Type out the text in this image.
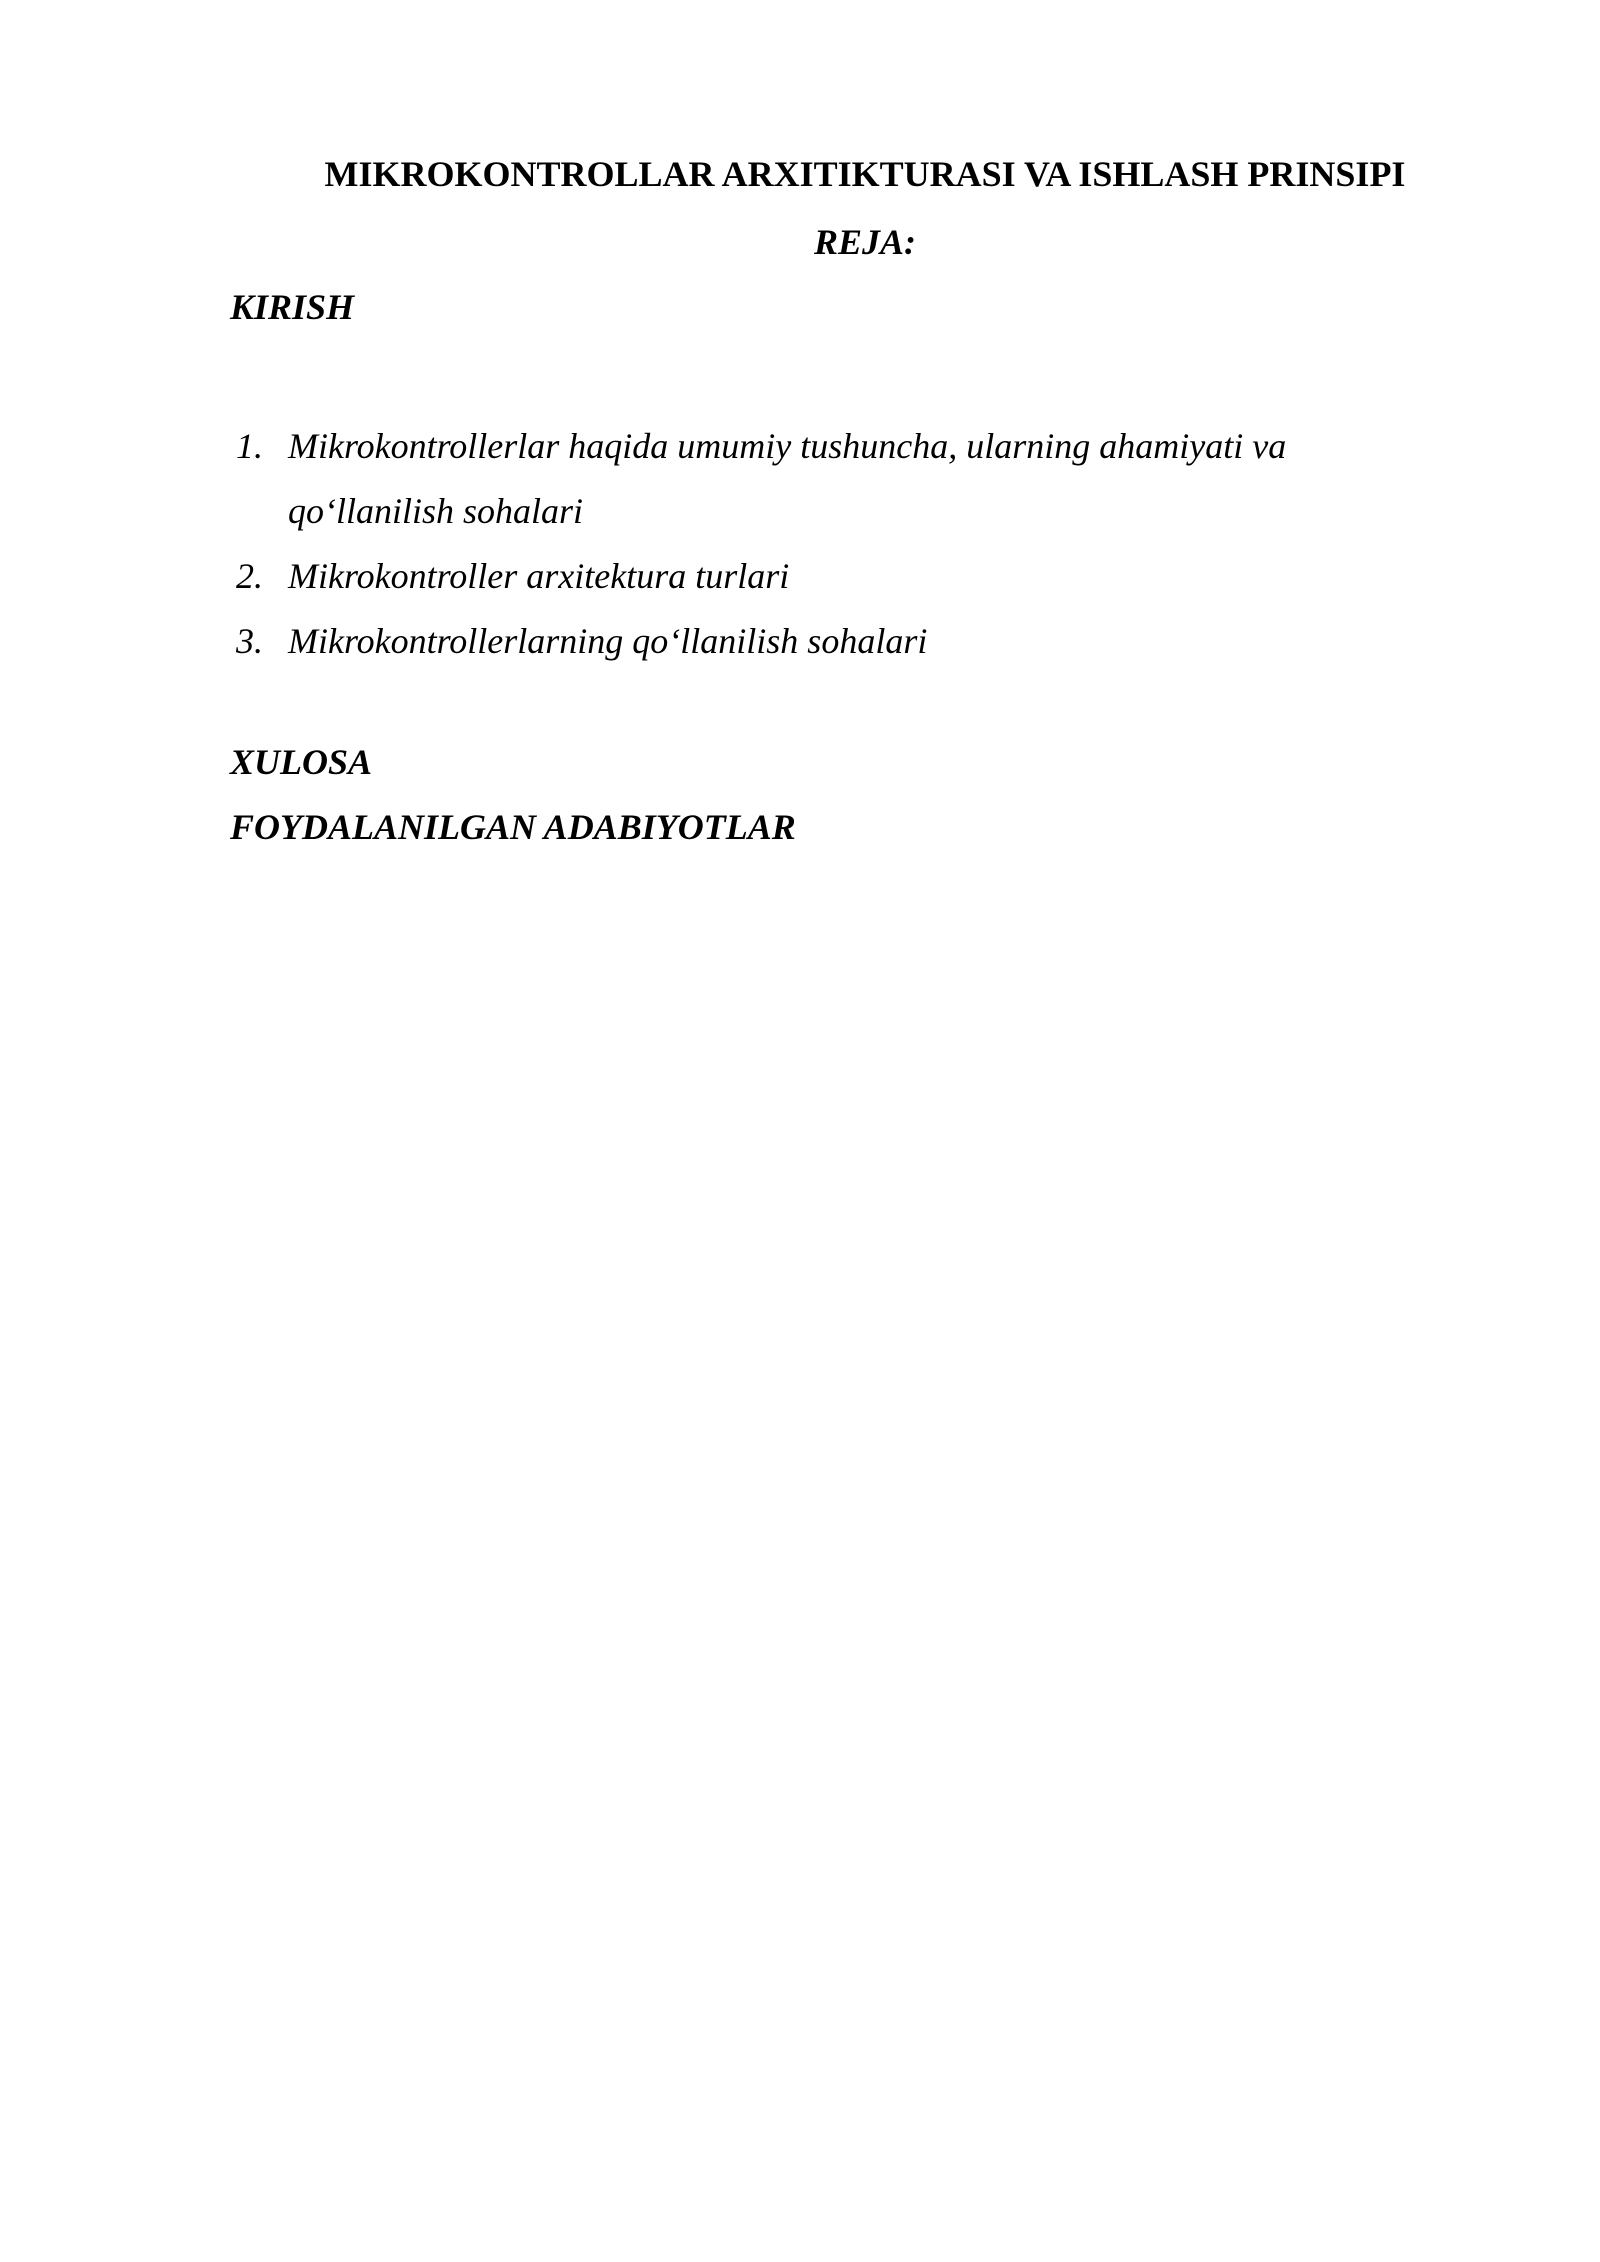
MIKROKONTROLLAR ARXITIKTURASI VA ISHLASH PRINSIPI
REJA:
KIRISH
1. Mikrokontrollerlar haqida umumiy tushuncha, ularning ahamiyati va qo‘llanilish sohalari
2. Mikrokontroller arxitektura turlari
3. Mikrokontrollerlarning qo‘llanilish sohalari
XULOSA
FOYDALANILGAN ADABIYOTLAR
